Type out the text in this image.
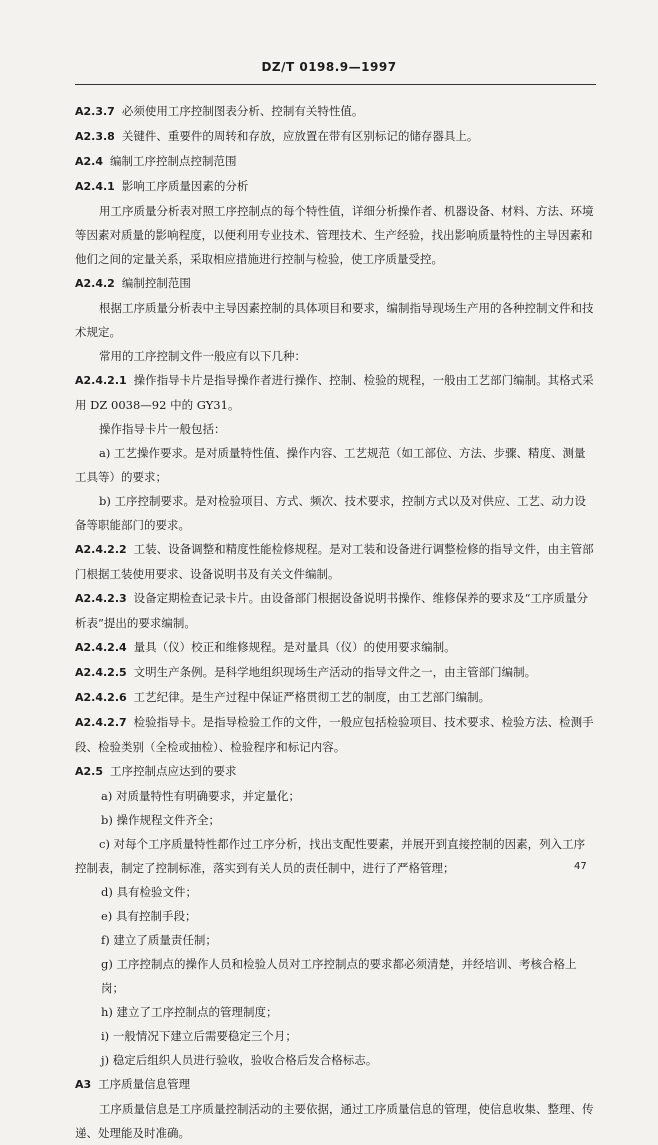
DZ/T 0198.9—1997

A2.3.7 必须使用工序控制图表分析、控制有关特性值。

A2.3.8 关键件、重要件的周转和存放，应放置在带有区别标记的储存器具上。

A2.4 编制工序控制点控制范围

A2.4.1 影响工序质量因素的分析

用工序质量分析表对照工序控制点的每个特性值，详细分析操作者、机器设备、材料、方法、环境等因素对质量的影响程度，以便利用专业技术、管理技术、生产经验，找出影响质量特性的主导因素和他们之间的定量关系，采取相应措施进行控制与检验，使工序质量受控。

A2.4.2 编制控制范围

根据工序质量分析表中主导因素控制的具体项目和要求，编制指导现场生产用的各种控制文件和技术规定。

常用的工序控制文件一般应有以下几种：

A2.4.2.1 操作指导卡片是指导操作者进行操作、控制、检验的规程，一般由工艺部门编制。其格式采用 DZ 0038—92 中的 GY31。

操作指导卡片一般包括：

a) 工艺操作要求。是对质量特性值、操作内容、工艺规范（如工部位、方法、步骤、精度、测量工具等）的要求；

b) 工序控制要求。是对检验项目、方式、频次、技术要求，控制方式以及对供应、工艺、动力设备等职能部门的要求。

A2.4.2.2 工装、设备调整和精度性能检修规程。是对工装和设备进行调整检修的指导文件，由主管部门根据工装使用要求、设备说明书及有关文件编制。

A2.4.2.3 设备定期检查记录卡片。由设备部门根据设备说明书操作、维修保养的要求及“工序质量分析表”提出的要求编制。

A2.4.2.4 量具（仪）校正和维修规程。是对量具（仪）的使用要求编制。

A2.4.2.5 文明生产条例。是科学地组织现场生产活动的指导文件之一，由主管部门编制。

A2.4.2.6 工艺纪律。是生产过程中保证严格贯彻工艺的制度，由工艺部门编制。

A2.4.2.7 检验指导卡。是指导检验工作的文件，一般应包括检验项目、技术要求、检验方法、检测手段、检验类别（全检或抽检）、检验程序和标记内容。

A2.5 工序控制点应达到的要求

a) 对质量特性有明确要求，并定量化；

b) 操作规程文件齐全；

c) 对每个工序质量特性都作过工序分析，找出支配性要素，并展开到直接控制的因素，列入工序控制表，制定了控制标准，落实到有关人员的责任制中，进行了严格管理；

d) 具有检验文件；

e) 具有控制手段；

f) 建立了质量责任制；

g) 工序控制点的操作人员和检验人员对工序控制点的要求都必须清楚，并经培训、考核合格上岗；

h) 建立了工序控制点的管理制度；

i) 一般情况下建立后需要稳定三个月；

j) 稳定后组织人员进行验收，验收合格后发合格标志。

A3 工序质量信息管理

工序质量信息是工序质量控制活动的主要依据，通过工序质量信息的管理，使信息收集、整理、传递、处理能及时准确。

47
